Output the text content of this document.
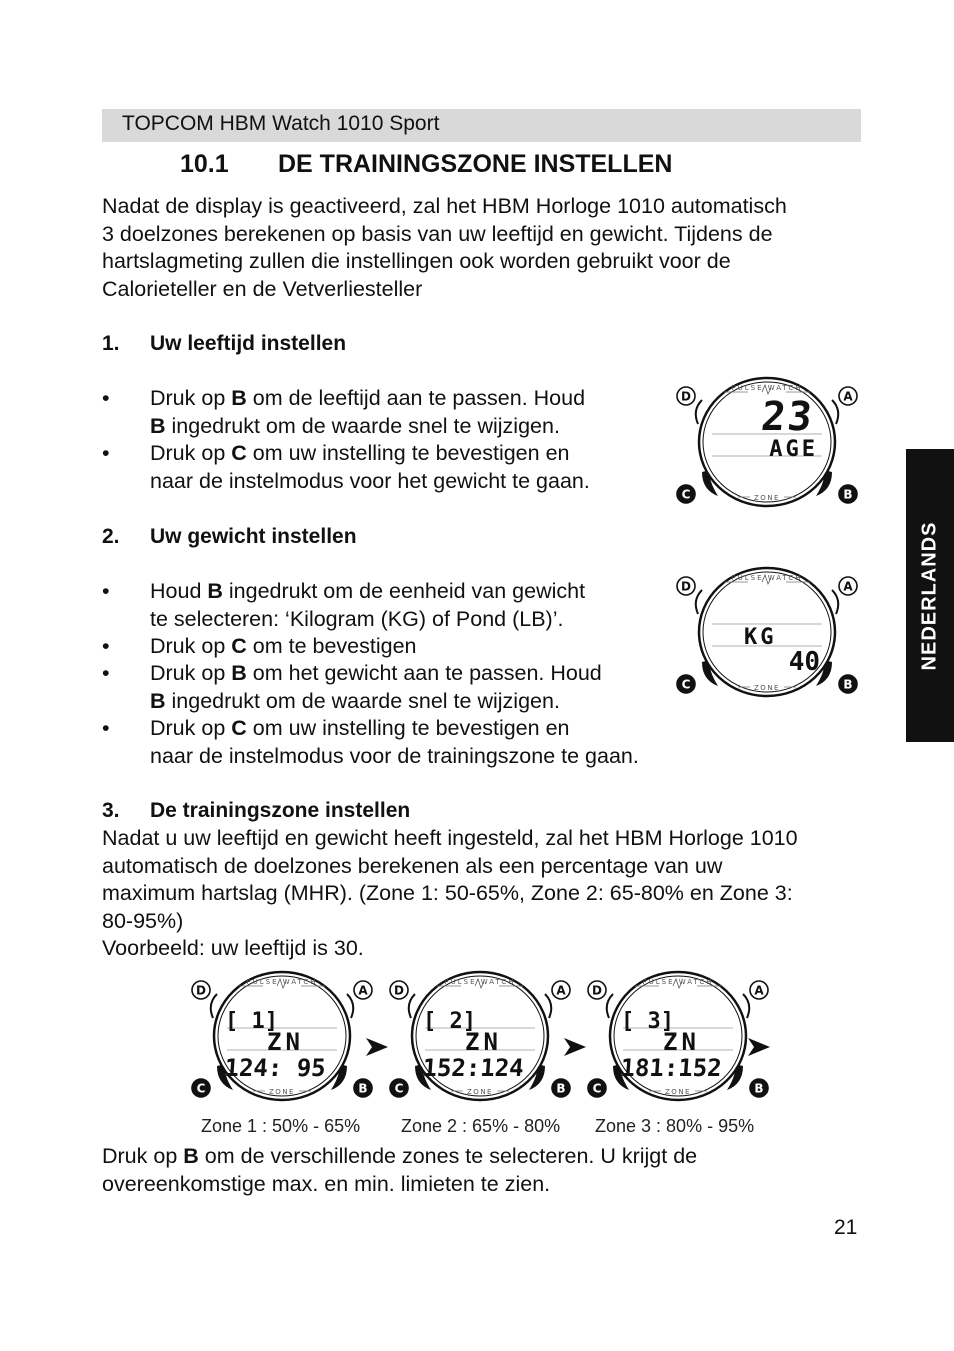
TOPCOM HBM Watch 1010 Sport
10.1 DE TRAININGSZONE INSTELLEN
Nadat de display is geactiveerd, zal het HBM Horloge 1010 automatisch
3 doelzones berekenen op basis van uw leeftijd en gewicht. Tijdens de
hartslagmeting zullen die instellingen ook worden gebruikt voor de
Calorieteller en de Vetverliesteller
1. Uw leeftijd instellen
• Druk op B om de leeftijd aan te passen. Houd
B ingedrukt om de waarde snel te wijzigen.
• Druk op C om uw instelling te bevestigen en
naar de instelmodus voor het gewicht te gaan.
2. Uw gewicht instellen
• Houd B ingedrukt om de eenheid van gewicht
te selecteren: ‘Kilogram (KG) of Pond (LB)’.
• Druk op C om te bevestigen
• Druk op B om het gewicht aan te passen. Houd
B ingedrukt om de waarde snel te wijzigen.
• Druk op C om uw instelling te bevestigen en
naar de instelmodus voor de trainingszone te gaan.
3. De trainingszone instellen
Nadat u uw leeftijd en gewicht heeft ingesteld, zal het HBM Horloge 1010
automatisch de doelzones berekenen als een percentage van uw
maximum hartslag (MHR). (Zone 1: 50-65%, Zone 2: 65-80% en Zone 3:
80-95%)
Voorbeeld: uw leeftijd is 30.
PULSE WATCH
ZONE
D	A
C	B
23
AGE
PULSE WATCH
ZONE
D	A
C	B
KG
40
PULSE WATCH
ZONE
D	A
C	B
[ 1]
ZN
124: 95
PULSE WATCH
ZONE
D	A
C	B
[ 2]
ZN
152:124
PULSE WATCH
ZONE
D	A
C	B
[ 3]
ZN
181:152
Zone 1 : 50% - 65% Zone 2 : 65% - 80% Zone 3 : 80% - 95%
Druk op B om de verschillende zones te selecteren. U krijgt de
overeenkomstige max. en min. limieten te zien.
NEDERLANDS
21
